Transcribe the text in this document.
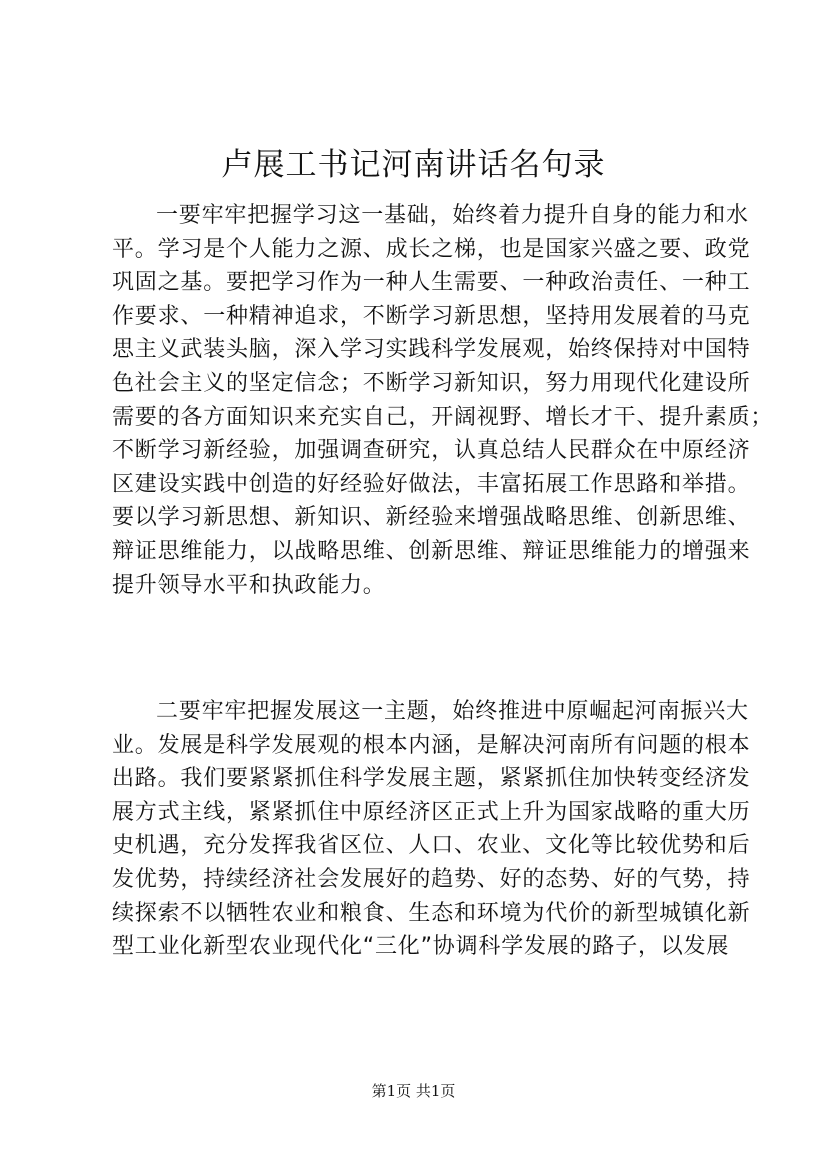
卢展工书记河南讲话名句录
一要牢牢把握学习这一基础，始终着力提升自身的能力和水
平。学习是个人能力之源、成长之梯，也是国家兴盛之要、政党
巩固之基。要把学习作为一种人生需要、一种政治责任、一种工
作要求、一种精神追求，不断学习新思想，坚持用发展着的马克
思主义武装头脑，深入学习实践科学发展观，始终保持对中国特
色社会主义的坚定信念；不断学习新知识，努力用现代化建设所
需要的各方面知识来充实自己，开阔视野、增长才干、提升素质；
不断学习新经验，加强调查研究，认真总结人民群众在中原经济
区建设实践中创造的好经验好做法，丰富拓展工作思路和举措。
要以学习新思想、新知识、新经验来增强战略思维、创新思维、
辩证思维能力，以战略思维、创新思维、辩证思维能力的增强来
提升领导水平和执政能力。
二要牢牢把握发展这一主题，始终推进中原崛起河南振兴大
业。发展是科学发展观的根本内涵，是解决河南所有问题的根本
出路。我们要紧紧抓住科学发展主题，紧紧抓住加快转变经济发
展方式主线，紧紧抓住中原经济区正式上升为国家战略的重大历
史机遇，充分发挥我省区位、人口、农业、文化等比较优势和后
发优势，持续经济社会发展好的趋势、好的态势、好的气势，持
续探索不以牺牲农业和粮食、生态和环境为代价的新型城镇化新
型工业化新型农业现代化“三化”协调科学发展的路子，以发展
第1页 共1页
